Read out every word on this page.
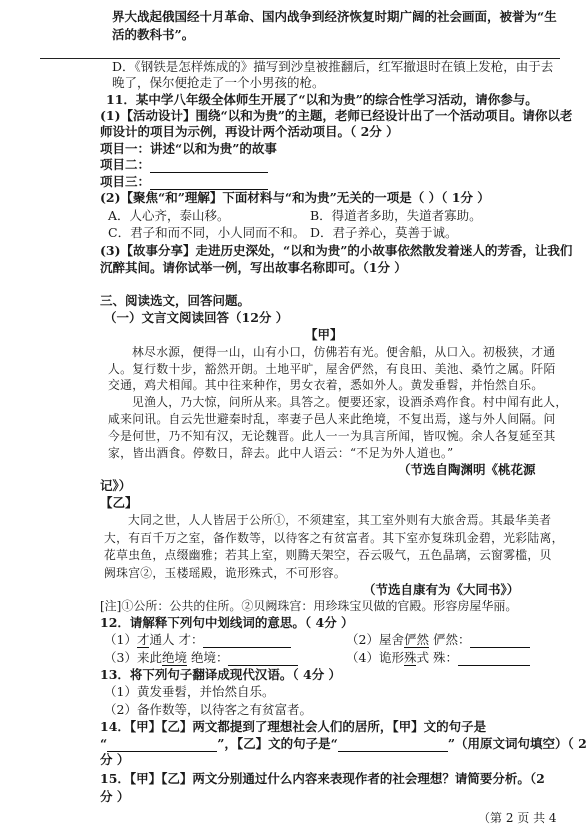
界大战起俄国经十月革命、国内战争到经济恢复时期广阔的社会画面，被誉为“生
活的教科书”。
D．《钢铁是怎样炼成的》描写到沙皇被推翻后，红军撤退时在镇上发枪，由于去
晚了，保尔便抢走了一个小男孩的枪。
11．某中学八年级全体师生开展了“以和为贵”的综合性学习活动，请你参与。
(1)【活动设计】围绕“以和为贵”的主题，老师已经设计出了一个活动项目。请你以老
师设计的项目为示例，再设计两个活动项目。（ 2分 ）
项目一：讲述“以和为贵”的故事
项目二：
项目三：
(2)【聚焦“和”理解】下面材料与“和为贵”无关的一项是（ ）（ 1分 ）
A．人心齐，泰山移。	B．得道者多助，失道者寡助。
C．君子和而不同，小人同而不和。 D．君子养心，莫善于诚。
(3)【故事分享】走进历史深处，“以和为贵”的小故事依然散发着迷人的芳香，让我们
沉醉其间。请你试举一例，写出故事名称即可。（1分 ）
三、阅读选文，回答问题。
（一）文言文阅读回答（12分 ）
【甲】
林尽水源，便得一山，山有小口，仿佛若有光。便舍船，从口入。初极狭，才通
人。复行数十步，豁然开朗。土地平旷，屋舍俨然，有良田、美池、桑竹之属。阡陌
交通，鸡犬相闻。其中往来种作，男女衣着，悉如外人。黄发垂髫，并怡然自乐。
见渔人，乃大惊，问所从来。具答之。便要还家，设酒杀鸡作食。村中闻有此人，
咸来问讯。自云先世避秦时乱，率妻子邑人来此绝境，不复出焉，遂与外人间隔。问
今是何世，乃不知有汉，无论魏晋。此人一一为具言所闻，皆叹惋。余人各复延至其
家，皆出酒食。停数日，辞去。此中人语云：“不足为外人道也。”
（节选自陶渊明《桃花源
记》）
【乙】
大同之世，人人皆居于公所①，不须建室，其工室外则有大旅舍焉。其最华美者
大，有百千万之室，备作数等，以待客之有贫富者。其下室亦复珠玑金碧，光彩陆离，
花草虫鱼，点缀幽雅；若其上室，则腾天架空，吞云吸气，五色晶璃，云窗雾槛，贝
阙珠宫②，玉楼瑶殿，诡形殊式，不可形容。
（节选自康有为《大同书》）
[注]①公所：公共的住所。②贝阙珠宫：用珍珠宝贝做的官殿。形容房屋华丽。
12．请解释下列句中划线词的意思。（ 4分 ）
（1）才通人 才：	（2）屋舍俨然 俨然：
（3）来此绝境 绝境：	（4）诡形殊式 殊：
13．将下列句子翻译成现代汉语。（ 4分 ）
（1）黄发垂髫，并怡然自乐。
（2）备作数等，以待客之有贫富者。
14．【甲】【乙】两文都提到了理想社会人们的居所，【甲】文的句子是
“	”，【乙】文的句子是“	”（用原文词句填空）（ 2
分 ）
15．【甲】【乙】两文分别通过什么内容来表现作者的社会理想？请简要分析。（2
分 ）
（第 2 页 共 4
